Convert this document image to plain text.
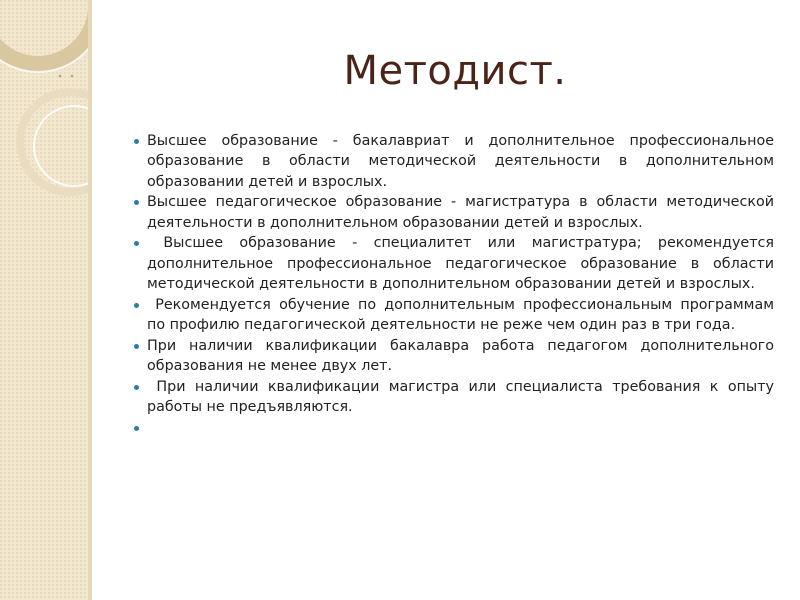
Методист.
Высшее образование - бакалавриат и дополнительное профессиональное образование в области методической деятельности в дополнительном образовании детей и взрослых.
Высшее педагогическое образование - магистратура в области методической деятельности в дополнительном образовании детей и взрослых.
Высшее образование - специалитет или магистратура; рекомендуется дополнительное профессиональное педагогическое образование в области методической деятельности в дополнительном образовании детей и взрослых.
Рекомендуется обучение по дополнительным профессиональным программам по профилю педагогической деятельности не реже чем один раз в три года.
При наличии квалификации бакалавра работа педагогом дополнительного образования не менее двух лет.
При наличии квалификации магистра или специалиста требования к опыту работы не предъявляются.
